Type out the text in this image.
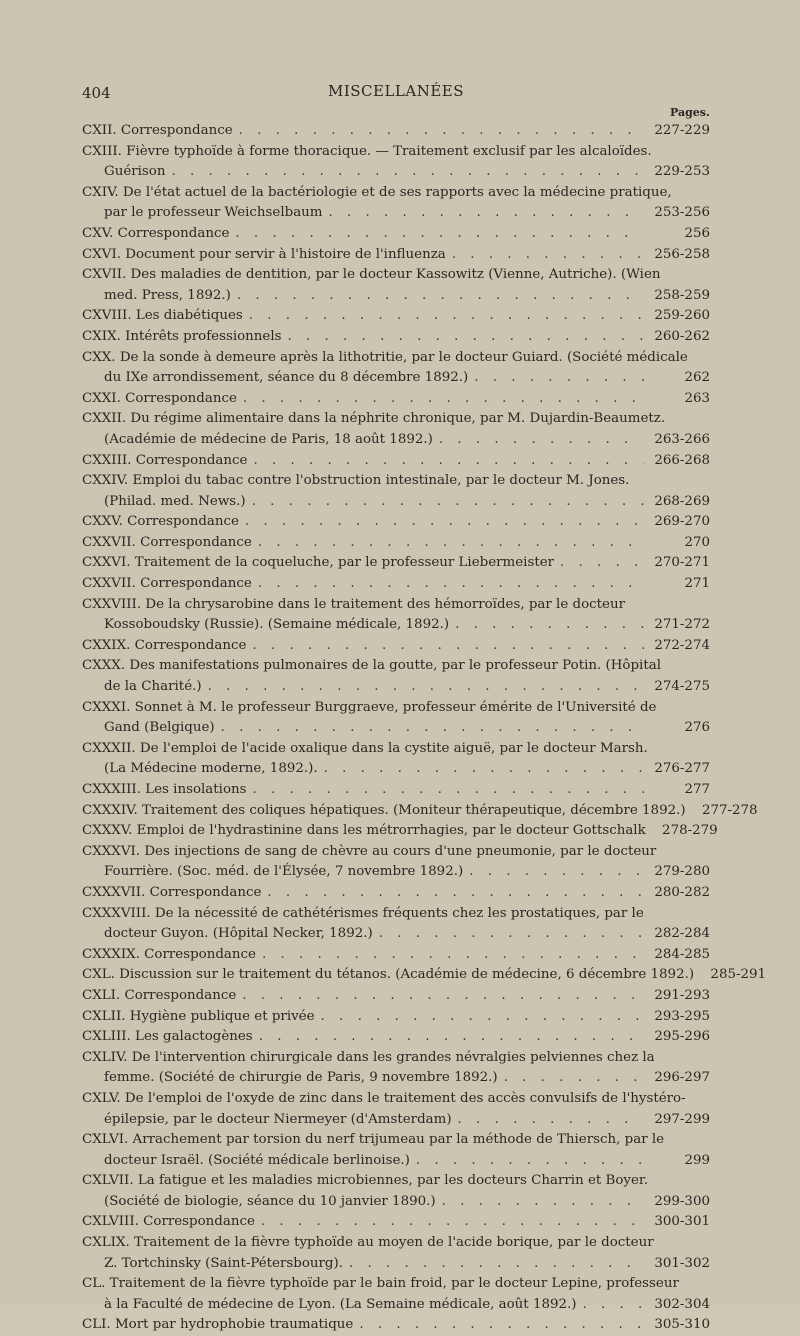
404	MISCELLANÉES
Pages.
CXII. Correspondance . . .	227-229
CXIII. Fièvre typhoïde à forme thoracique. — Traitement exclusif par les alcaloïdes.
Guérison . . .	229-253
CXIV. De l'état actuel de la bactériologie et de ses rapports avec la médecine pratique,
par le professeur Weichselbaum . . .	253-256
CXV. Correspondance . . .	256
CXVI. Document pour servir à l'histoire de l'influenza . . .	256-258
CXVII. Des maladies de dentition, par le docteur Kassowitz (Vienne, Autriche). (Wien
med. Press, 1892.) . . .	258-259
CXVIII. Les diabétiques . . .	259-260
CXIX. Intérêts professionnels . . .	260-262
CXX. De la sonde à demeure après la lithotritie, par le docteur Guiard. (Société médicale
du IXe arrondissement, séance du 8 décembre 1892.) . . .	262
CXXI. Correspondance . . .	263
CXXII. Du régime alimentaire dans la néphrite chronique, par M. Dujardin-Beaumetz.
(Académie de médecine de Paris, 18 août 1892.) . . .	263-266
CXXIII. Correspondance . . .	266-268
CXXIV. Emploi du tabac contre l'obstruction intestinale, par le docteur M. Jones.
(Philad. med. News.) . . .	268-269
CXXV. Correspondance . . .	269-270
CXXVII. Correspondance . . .	270
CXXVI. Traitement de la coqueluche, par le professeur Liebermeister . . .	270-271
CXXVII. Correspondance . . .	271
CXXVIII. De la chrysarobine dans le traitement des hémorroïdes, par le docteur
Kossoboudsky (Russie). (Semaine médicale, 1892.) . . .	271-272
CXXIX. Correspondance . . .	272-274
CXXX. Des manifestations pulmonaires de la goutte, par le professeur Potin. (Hôpital
de la Charité.) . . .	274-275
CXXXI. Sonnet à M. le professeur Burggraeve, professeur émérite de l'Université de
Gand (Belgique) . . .	276
CXXXII. De l'emploi de l'acide oxalique dans la cystite aiguë, par le docteur Marsh.
(La Médecine moderne, 1892.). . . .	276-277
CXXXIII. Les insolations . . .	277
CXXXIV. Traitement des coliques hépatiques. (Moniteur thérapeutique, décembre 1892.)	277-278
CXXXV. Emploi de l'hydrastinine dans les métrorrhagies, par le docteur Gottschalk	278-279
CXXXVI. Des injections de sang de chèvre au cours d'une pneumonie, par le docteur
Fourrière. (Soc. méd. de l'Élysée, 7 novembre 1892.) . . .	279-280
CXXXVII. Correspondance . . .	280-282
CXXXVIII. De la nécessité de cathétérismes fréquents chez les prostatiques, par le
docteur Guyon. (Hôpital Necker, 1892.) . . .	282-284
CXXXIX. Correspondance . . .	284-285
CXL. Discussion sur le traitement du tétanos. (Académie de médecine, 6 décembre 1892.)	285-291
CXLI. Correspondance . . .	291-293
CXLII. Hygiène publique et privée . . .	293-295
CXLIII. Les galactogènes . . .	295-296
CXLIV. De l'intervention chirurgicale dans les grandes névralgies pelviennes chez la
femme. (Société de chirurgie de Paris, 9 novembre 1892.) . . .	296-297
CXLV. De l'emploi de l'oxyde de zinc dans le traitement des accès convulsifs de l'hystéro-
épilepsie, par le docteur Niermeyer (d'Amsterdam) . . .	297-299
CXLVI. Arrachement par torsion du nerf trijumeau par la méthode de Thiersch, par le
docteur Israël. (Société médicale berlinoise.) . . .	299
CXLVII. La fatigue et les maladies microbiennes, par les docteurs Charrin et Boyer.
(Société de biologie, séance du 10 janvier 1890.) . . .	299-300
CXLVIII. Correspondance . . .	300-301
CXLIX. Traitement de la fièvre typhoïde au moyen de l'acide borique, par le docteur
Z. Tortchinsky (Saint-Pétersbourg). . . .	301-302
CL. Traitement de la fièvre typhoïde par le bain froid, par le docteur Lepine, professeur
à la Faculté de médecine de Lyon. (La Semaine médicale, août 1892.) . . .	302-304
CLI. Mort par hydrophobie traumatique . . .	305-310
